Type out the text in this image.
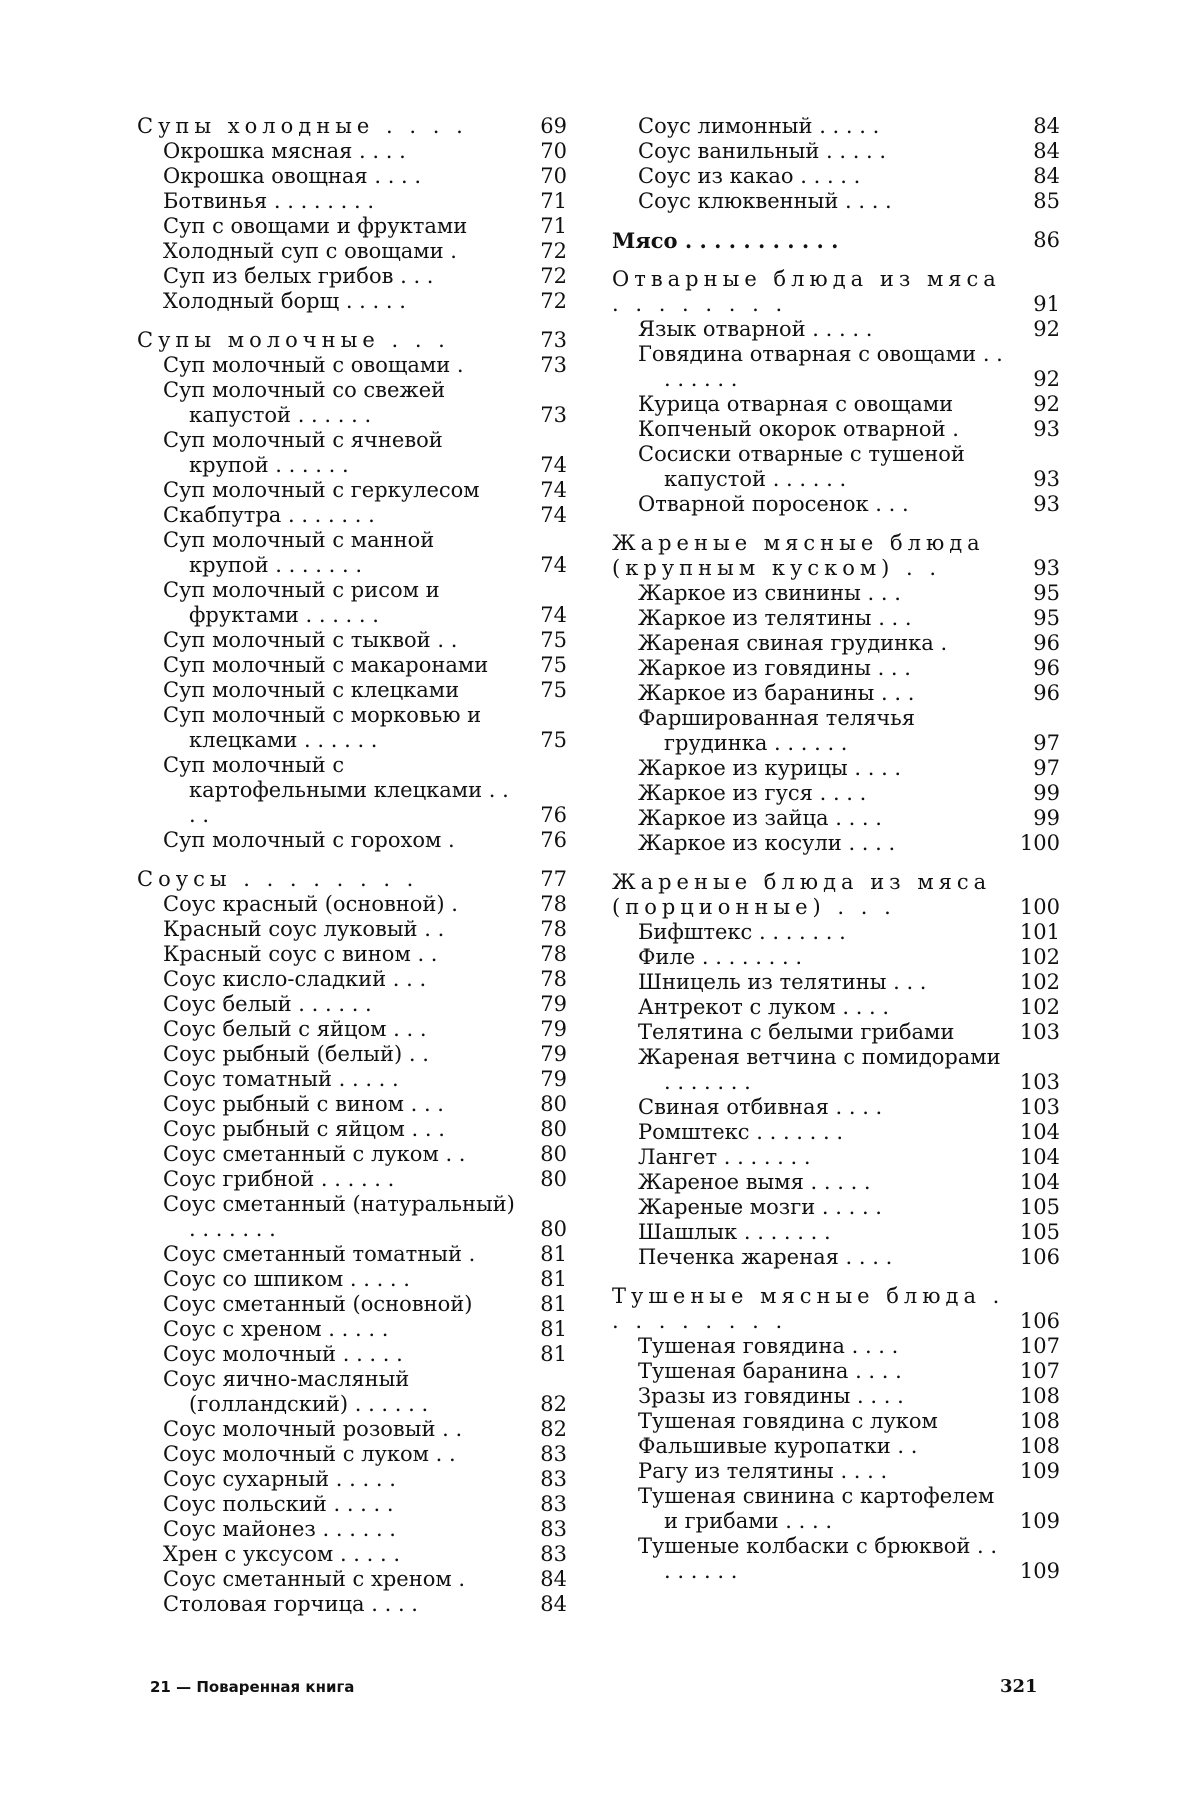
Супы холодные . . . .	69
Окрошка мясная . . . .	70
Окрошка овощная . . . .	70
Ботвинья . . . . . . . .	71
Суп с овощами и фруктами	71
Холодный суп с овощами .	72
Суп из белых грибов . . .	72
Холодный борщ . . . . .	72
Супы молочные . . .	73
Суп молочный с овощами .	73
Суп молочный со свежей капустой . . . . . .	73
Суп молочный с ячневой крупой . . . . . .	74
Суп молочный с геркулесом	74
Скабпутра . . . . . . .	74
Суп молочный с манной крупой . . . . . . .	74
Суп молочный с рисом и фруктами . . . . . .	74
Суп молочный с тыквой . .	75
Суп молочный с макаронами	75
Суп молочный с клецками	75
Суп молочный с морковью и клецками . . . . . .	75
Суп молочный с картофельными клецками . . . .	76
Суп молочный с горохом .	76
Соусы . . . . . . . .	77
Соус красный (основной) .	78
Красный соус луковый . .	78
Красный соус с вином . .	78
Соус кисло-сладкий . . .	78
Соус белый . . . . . .	79
Соус белый с яйцом . . .	79
Соус рыбный (белый) . .	79
Соус томатный . . . . .	79
Соус рыбный с вином . . .	80
Соус рыбный с яйцом . . .	80
Соус сметанный с луком . .	80
Соус грибной . . . . . .	80
Соус сметанный (натуральный) . . . . . . .	80
Соус сметанный томатный .	81
Соус со шпиком . . . . .	81
Соус сметанный (основной)	81
Соус с хреном . . . . .	81
Соус молочный . . . . .	81
Соус яично-масляный (голландский) . . . . . .	82
Соус молочный розовый . .	82
Соус молочный с луком . .	83
Соус сухарный . . . . .	83
Соус польский . . . . .	83
Соус майонез . . . . . .	83
Хрен с уксусом . . . . .	83
Соус сметанный с хреном .	84
Столовая горчица . . . .	84
Соус лимонный . . . . .	84
Соус ванильный . . . . .	84
Соус из какао . . . . .	84
Соус клюквенный . . . .	85
Мясо . . . . . . . . . . .	86
Отварные блюда из мяса . . . . . . . .	91
Язык отварной . . . . .	92
Говядина отварная с овощами . . . . . . . .	92
Курица отварная с овощами	92
Копченый окорок отварной .	93
Сосиски отварные с тушеной капустой . . . . . .	93
Отварной поросенок . . .	93
Жареные мясные блюда (крупным куском) . .	93
Жаркое из свинины . . .	95
Жаркое из телятины . . .	95
Жареная свиная грудинка .	96
Жаркое из говядины . . .	96
Жаркое из баранины . . .	96
Фаршированная телячья грудинка . . . . . .	97
Жаркое из курицы . . . .	97
Жаркое из гуся . . . .	99
Жаркое из зайца . . . .	99
Жаркое из косули . . . .	100
Жареные блюда из мяса (порционные) . . .	100
Бифштекс . . . . . . .	101
Филе . . . . . . . .	102
Шницель из телятины . . .	102
Антрекот с луком . . . .	102
Телятина с белыми грибами	103
Жареная ветчина с помидорами . . . . . . .	103
Свиная отбивная . . . .	103
Ромштекс . . . . . . .	104
Лангет . . . . . . .	104
Жареное вымя . . . . .	104
Жареные мозги . . . . .	105
Шашлык . . . . . . .	105
Печенка жареная . . . .	106
Тушеные мясные блюда . . . . . . . . .	106
Тушеная говядина . . . .	107
Тушеная баранина . . . .	107
Зразы из говядины . . . .	108
Тушеная говядина с луком	108
Фальшивые куропатки . .	108
Рагу из телятины . . . .	109
Тушеная свинина с картофелем и грибами . . . .	109
Тушеные колбаски с брюквой . . . . . . . .	109
21 — Поваренная книга	321
